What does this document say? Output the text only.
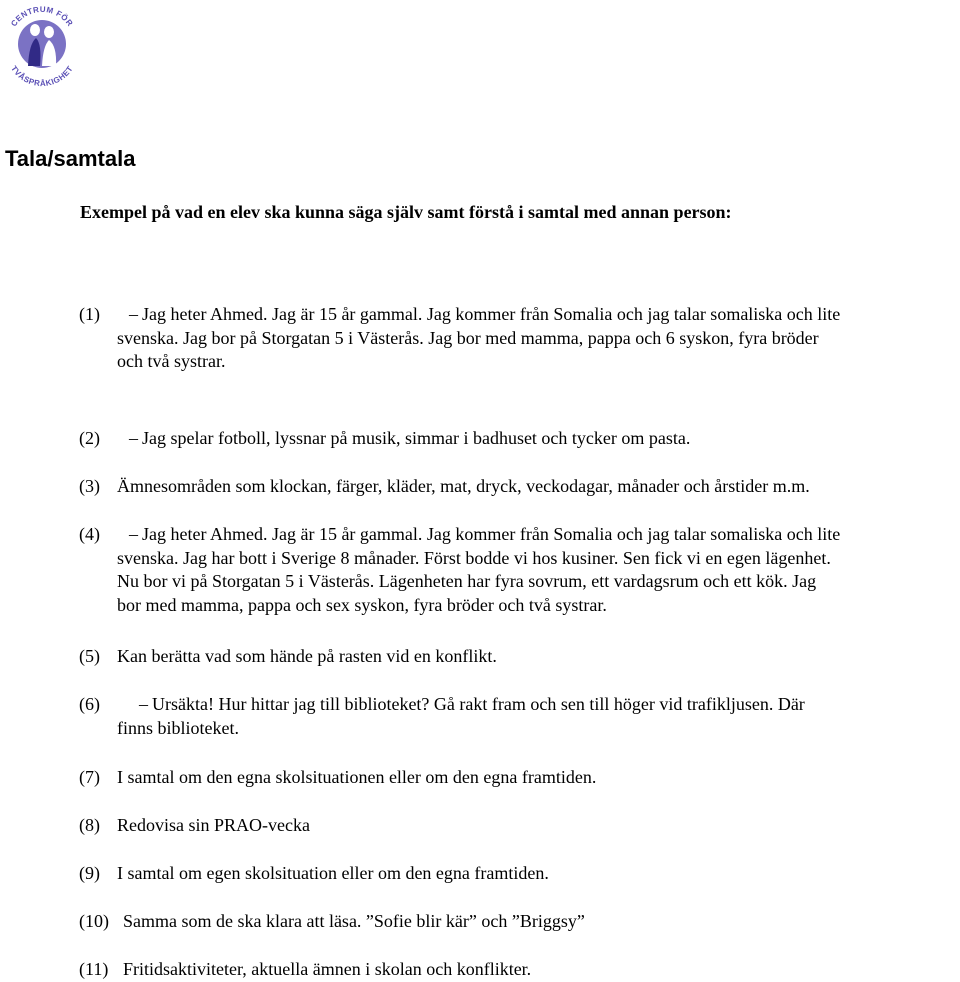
CENTRUM FÖR
TVÅSPRÅKIGHET
Tala/samtala
Exempel på vad en elev ska kunna säga själv samt förstå i samtal med annan person:
(1)	– Jag heter Ahmed. Jag är 15 år gammal. Jag kommer från Somalia och jag talar somaliska och lite
svenska. Jag bor på Storgatan 5 i Västerås. Jag bor med mamma, pappa och 6 syskon, fyra bröder
och två systrar.
(2)	– Jag spelar fotboll, lyssnar på musik, simmar i badhuset och tycker om pasta.
(3) Ämnesområden som klockan, färger, kläder, mat, dryck, veckodagar, månader och årstider m.m.
(4)	– Jag heter Ahmed. Jag är 15 år gammal. Jag kommer från Somalia och jag talar somaliska och lite
svenska. Jag har bott i Sverige 8 månader. Först bodde vi hos kusiner. Sen fick vi en egen lägenhet.
Nu bor vi på Storgatan 5 i Västerås. Lägenheten har fyra sovrum, ett vardagsrum och ett kök. Jag
bor med mamma, pappa och sex syskon, fyra bröder och två systrar.
(5) Kan berätta vad som hände på rasten vid en konflikt.
(6)	– Ursäkta! Hur hittar jag till biblioteket? Gå rakt fram och sen till höger vid trafikljusen. Där
finns biblioteket.
(7) I samtal om den egna skolsituationen eller om den egna framtiden.
(8) Redovisa sin PRAO-vecka
(9) I samtal om egen skolsituation eller om den egna framtiden.
(10) Samma som de ska klara att läsa. ”Sofie blir kär” och ”Briggsy”
(11) Fritidsaktiviteter, aktuella ämnen i skolan och konflikter.
